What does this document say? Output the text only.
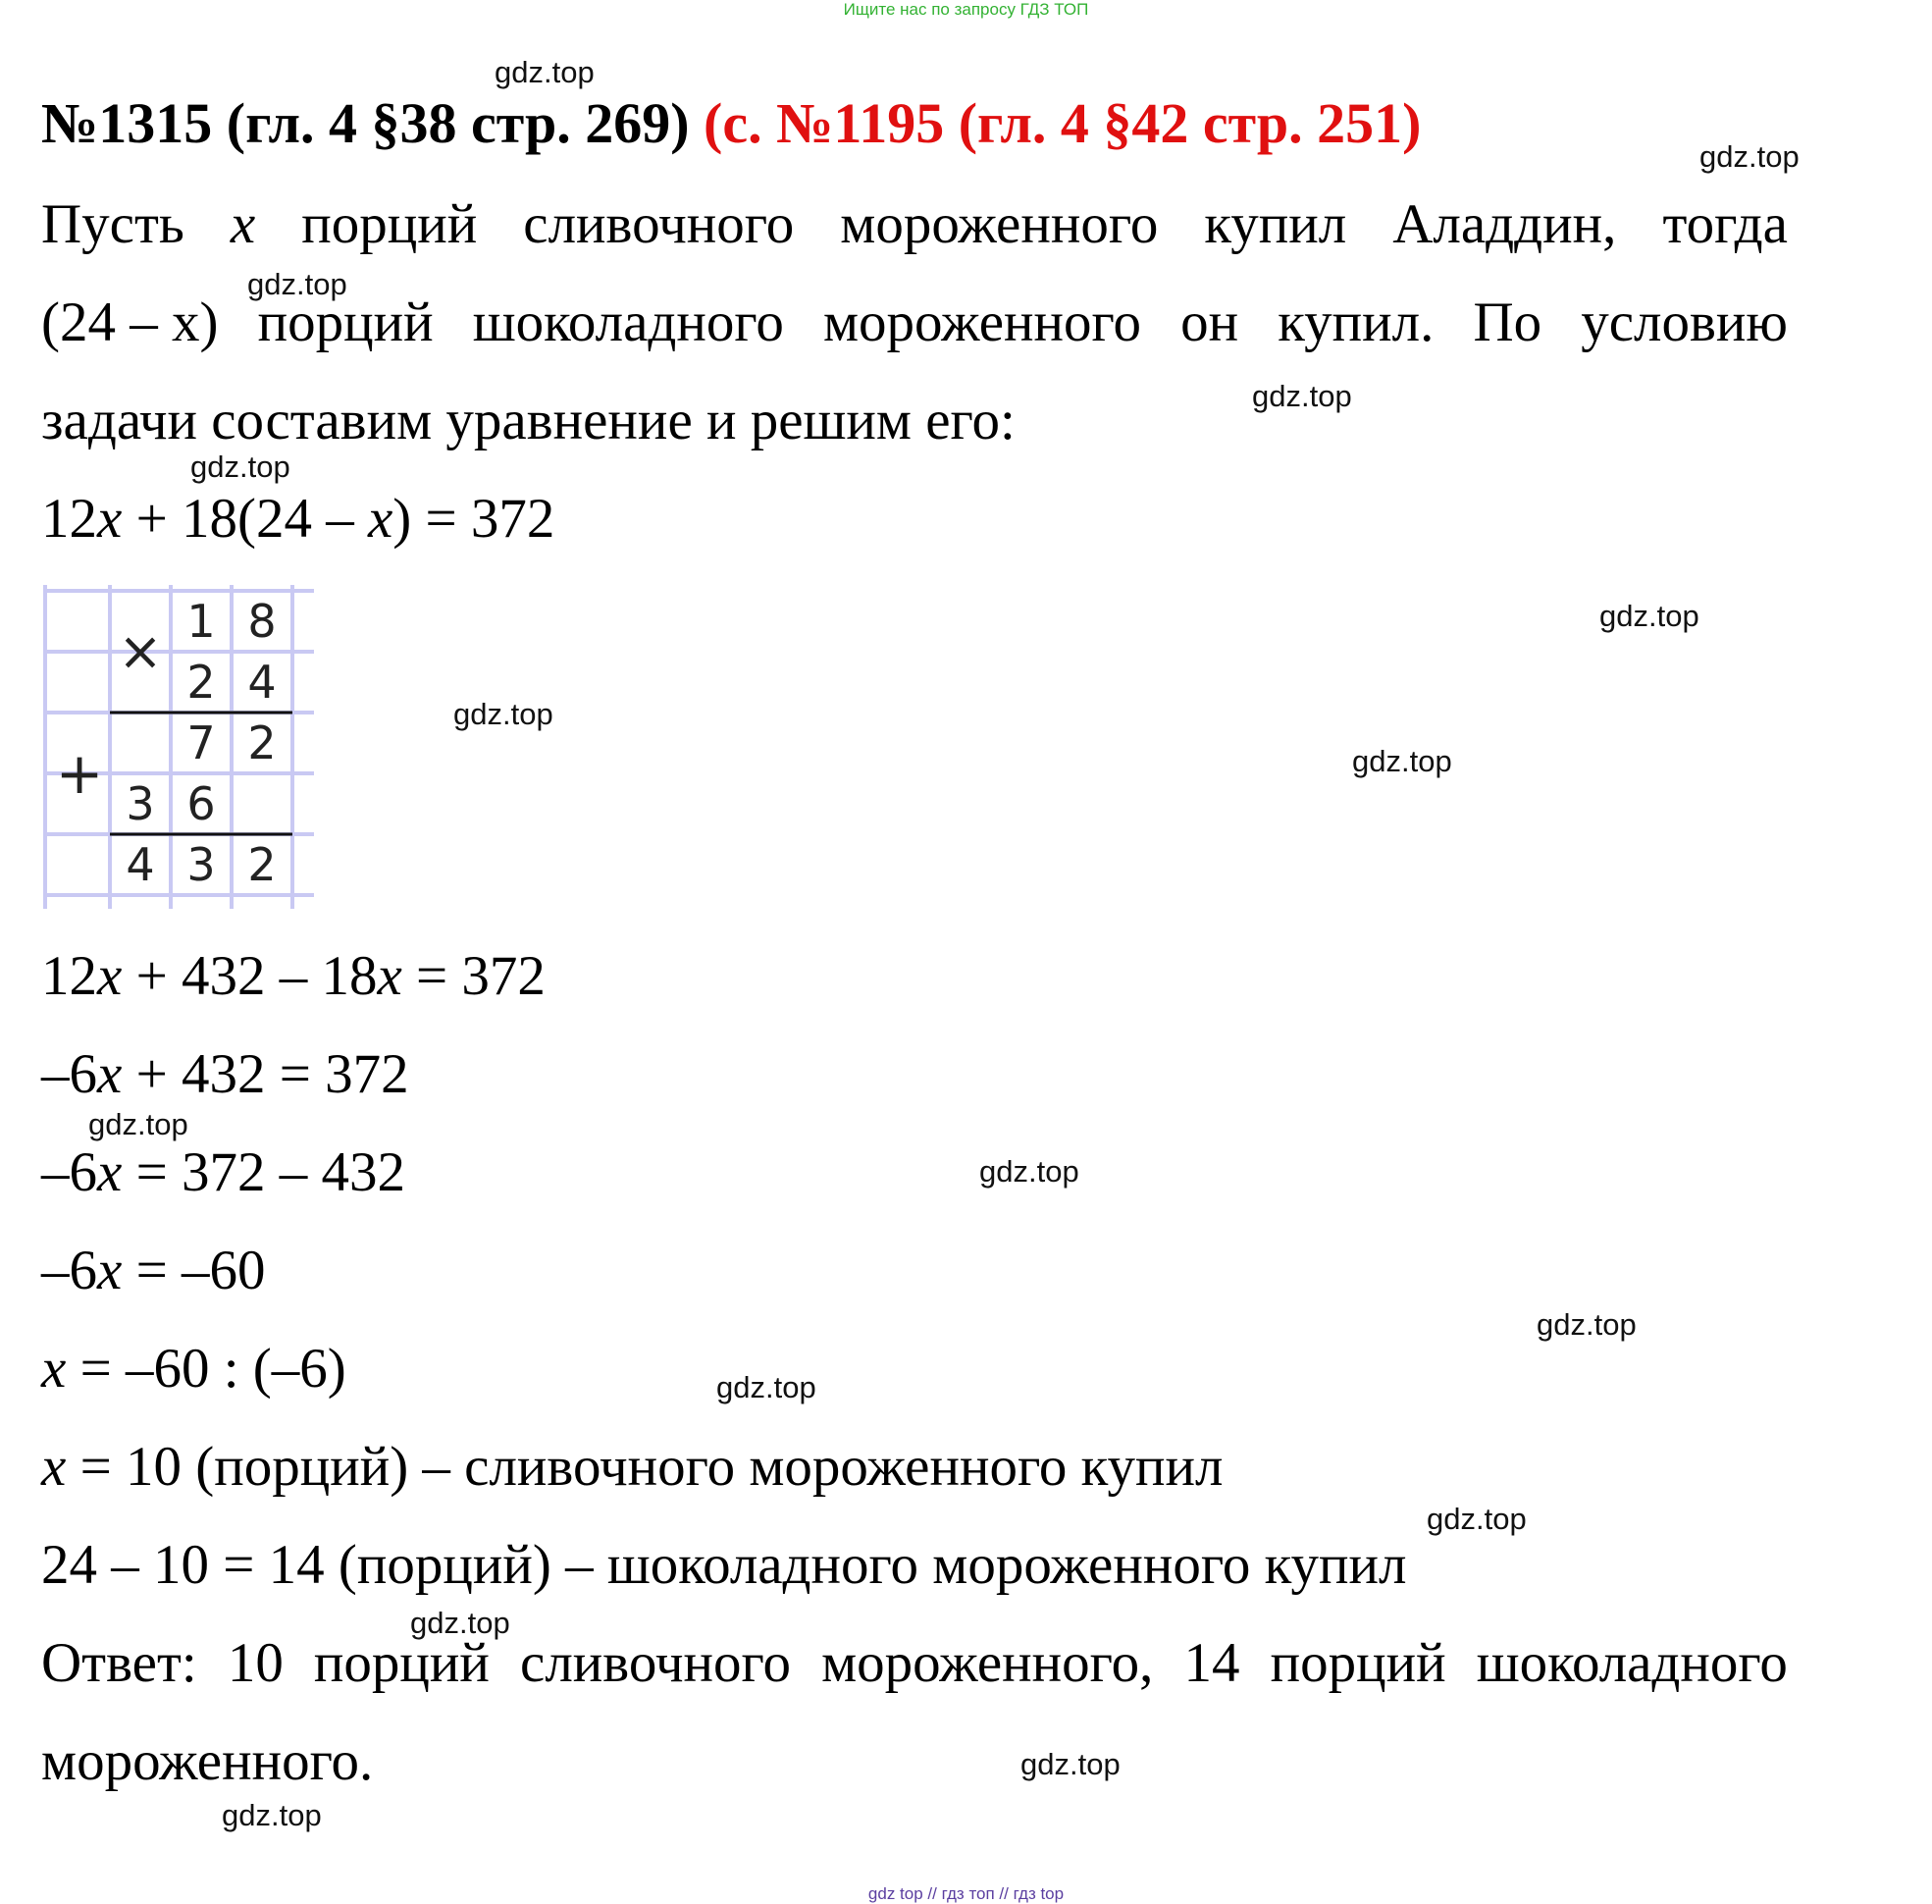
Ищите нас по запросу ГДЗ ТОП
№1315 (гл. 4 §38 стр. 269) (с. №1195 (гл. 4 §42 стр. 251)
Пусть x порций сливочного мороженного купил Аладдин, тогда
(24 – x) порций шоколадного мороженного он купил. По условию
задачи составим уравнение и решим его:
12x + 18(24 – x) = 372
×
+
1 8
2 4
7 2
3 6
4 3 2
12x + 432 – 18x = 372
–6x + 432 = 372
–6x = 372 – 432
–6x = –60
x = –60 : (–6)
x = 10 (порций) – сливочного мороженного купил
24 – 10 = 14 (порций) – шоколадного мороженного купил
Ответ: 10 порций сливочного мороженного, 14 порций шоколадного
мороженного.
gdz.top
gdz.top
gdz.top
gdz.top
gdz.top
gdz.top
gdz.top
gdz.top
gdz.top
gdz.top
gdz.top
gdz.top
gdz.top
gdz.top
gdz.top
gdz.top
gdz top // гдз топ // гдз top
